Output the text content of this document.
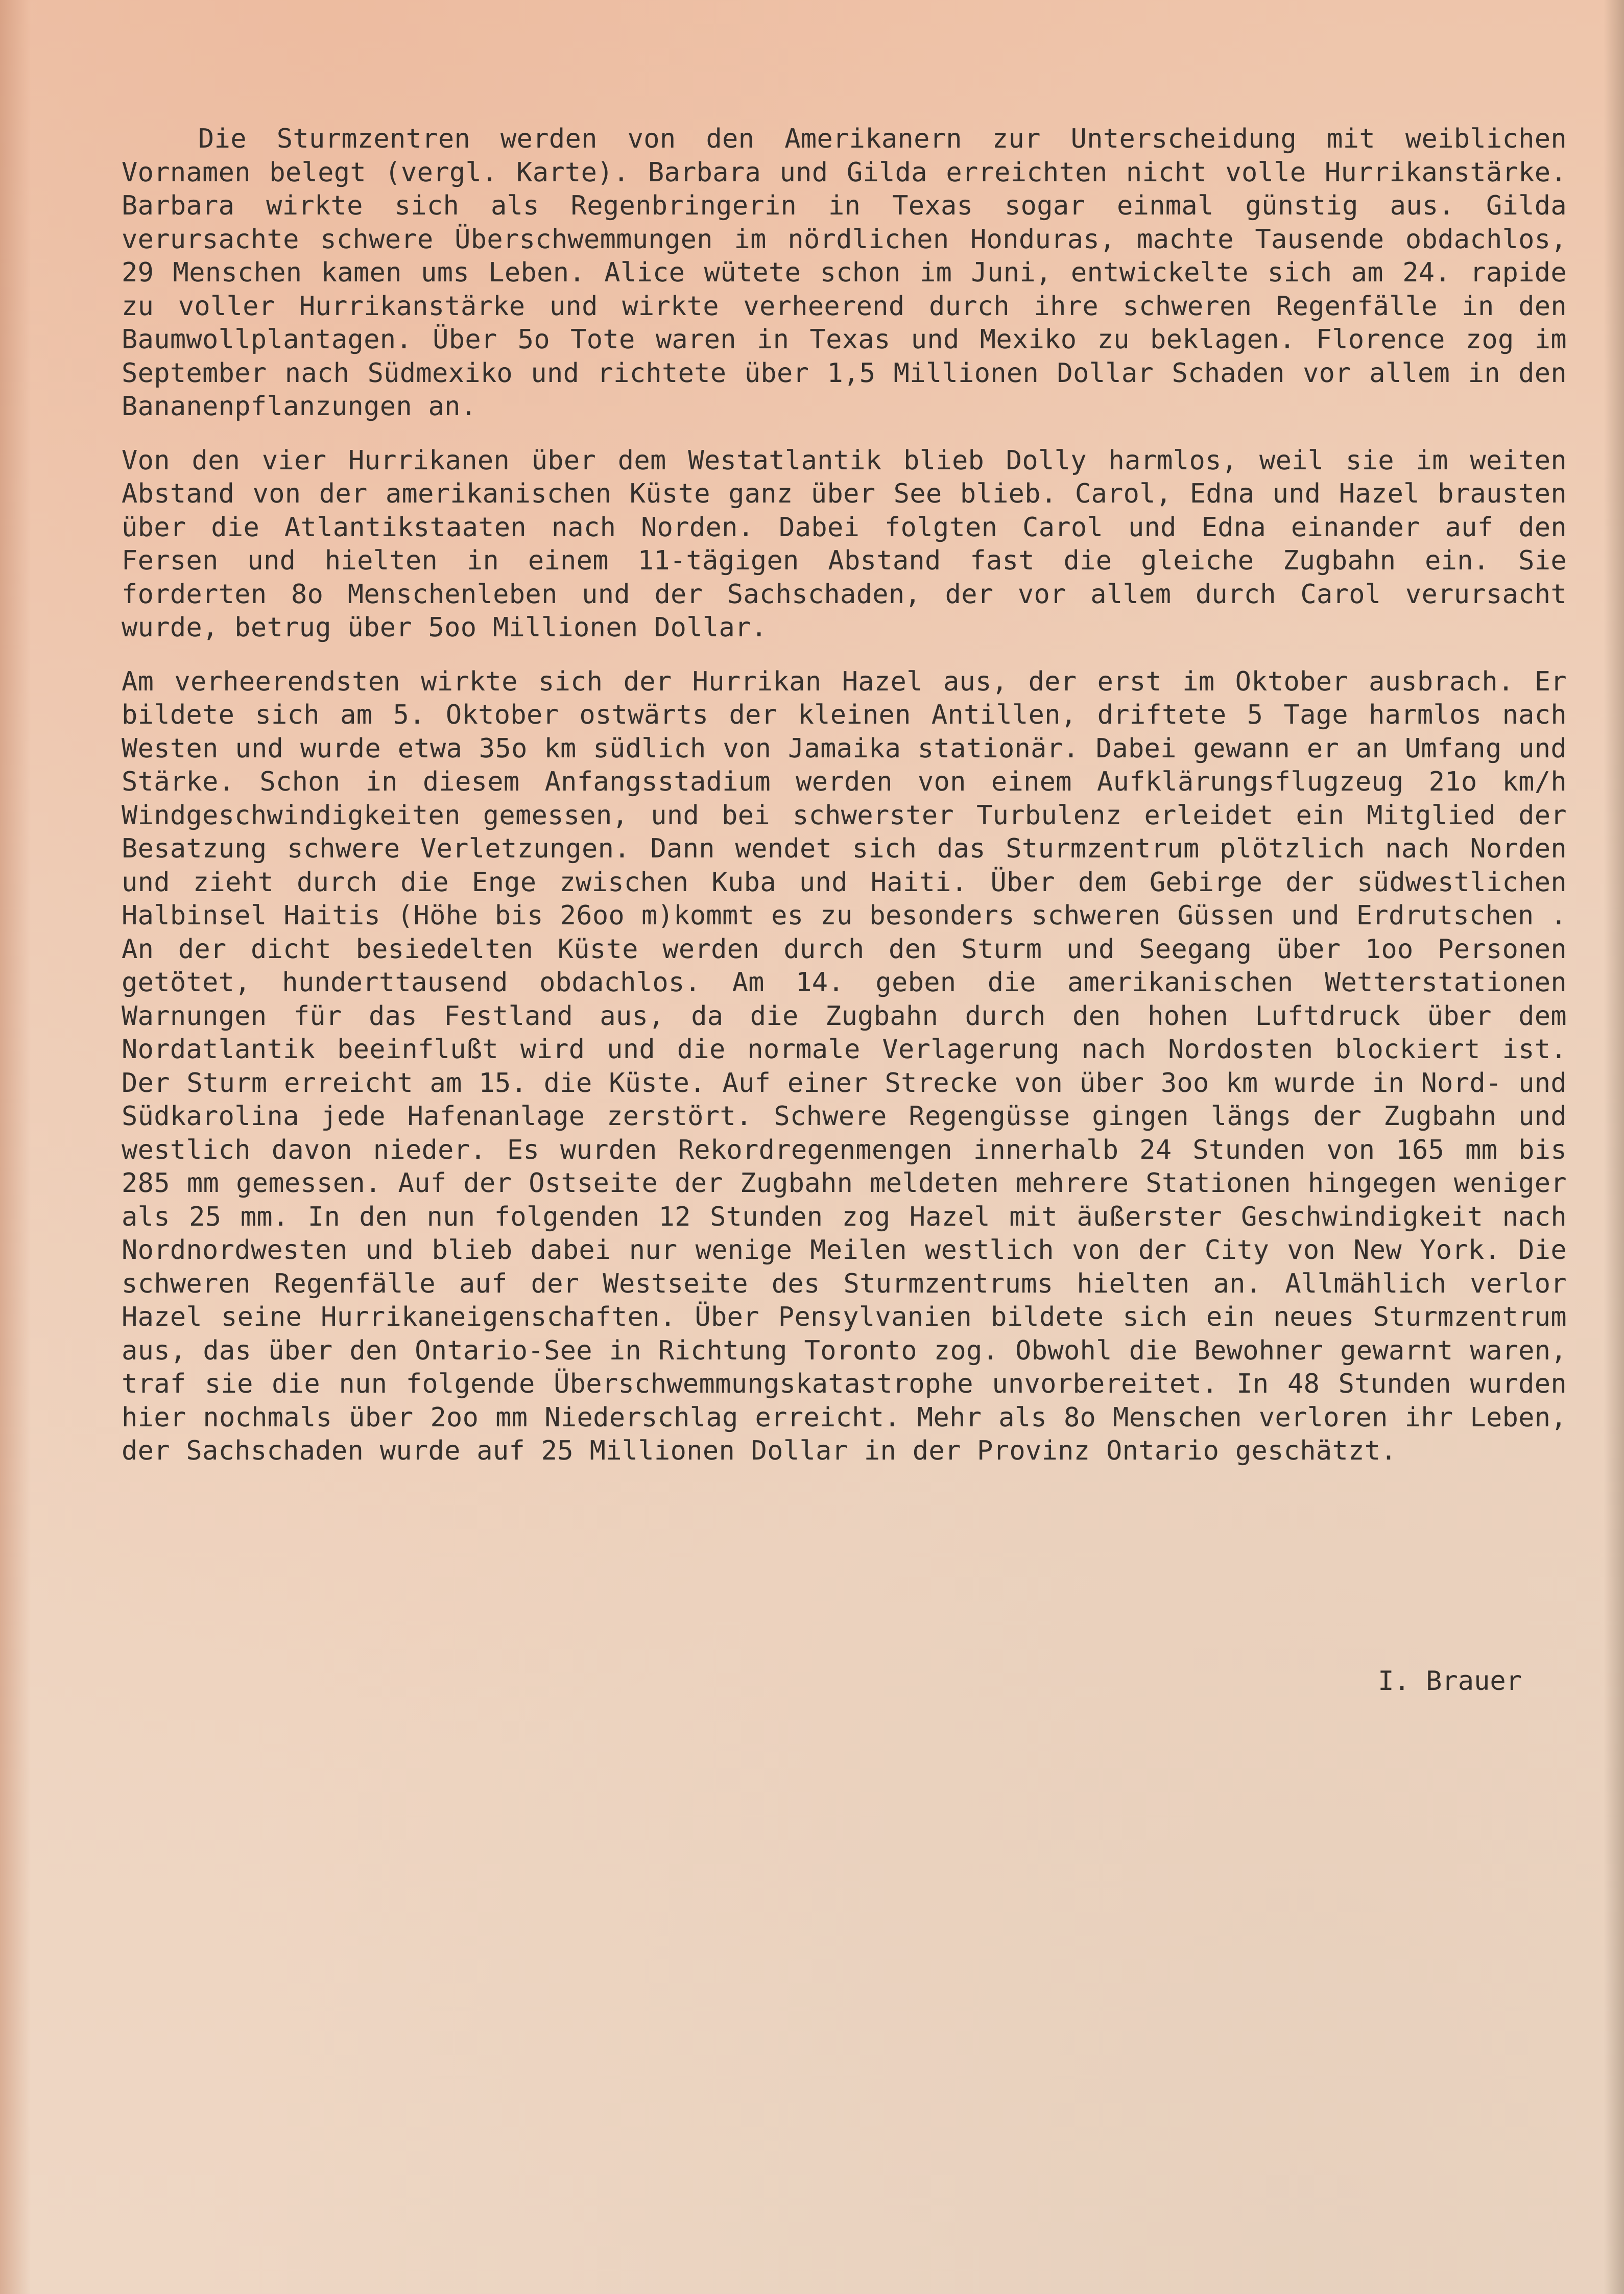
Die Sturmzentren werden von den Amerikanern zur Unterscheidung mit weiblichen Vornamen belegt (vergl. Karte). Barbara und Gilda erreichten nicht volle Hurrikanstärke. Barbara wirkte sich als Regenbringerin in Texas sogar einmal günstig aus. Gilda verursachte schwere Überschwemmungen im nördlichen Honduras, machte Tausende obdachlos, 29 Menschen kamen ums Leben. Alice wütete schon im Juni, entwickelte sich am 24. rapide zu voller Hurrikanstärke und wirkte verheerend durch ihre schweren Regenfälle in den Baumwollplantagen. Über 5o Tote waren in Texas und Mexiko zu beklagen. Florence zog im September nach Südmexiko und richtete über 1,5 Millionen Dollar Schaden vor allem in den Bananenpflanzungen an.

Von den vier Hurrikanen über dem Westatlantik blieb Dolly harmlos, weil sie im weiten Abstand von der amerikanischen Küste ganz über See blieb. Carol, Edna und Hazel brausten über die Atlantikstaaten nach Norden. Dabei folgten Carol und Edna einander auf den Fersen und hielten in einem 11-tägigen Abstand fast die gleiche Zugbahn ein. Sie forderten 8o Menschenleben und der Sachschaden, der vor allem durch Carol verursacht wurde, betrug über 5oo Millionen Dollar.

Am verheerendsten wirkte sich der Hurrikan Hazel aus, der erst im Oktober ausbrach. Er bildete sich am 5. Oktober ostwärts der kleinen Antillen, driftete 5 Tage harmlos nach Westen und wurde etwa 35o km südlich von Jamaika stationär. Dabei gewann er an Umfang und Stärke. Schon in diesem Anfangsstadium werden von einem Aufklärungsflugzeug 21o km/h Windgeschwindigkeiten gemessen, und bei schwerster Turbulenz erleidet ein Mitglied der Besatzung schwere Verletzungen. Dann wendet sich das Sturmzentrum plötzlich nach Norden und zieht durch die Enge zwischen Kuba und Haiti. Über dem Gebirge der südwestlichen Halbinsel Haitis (Höhe bis 26oo m)kommt es zu besonders schweren Güssen und Erdrutschen . An der dicht besiedelten Küste werden durch den Sturm und Seegang über 1oo Personen getötet, hunderttausend obdachlos. Am 14. geben die amerikanischen Wetterstationen Warnungen für das Festland aus, da die Zugbahn durch den hohen Luftdruck über dem Nordatlantik beeinflußt wird und die normale Verlagerung nach Nordosten blockiert ist. Der Sturm erreicht am 15. die Küste. Auf einer Strecke von über 3oo km wurde in Nord- und Südkarolina jede Hafenanlage zerstört. Schwere Regengüsse gingen längs der Zugbahn und westlich davon nieder. Es wurden Rekordregenmengen innerhalb 24 Stunden von 165 mm bis 285 mm gemessen. Auf der Ostseite der Zugbahn meldeten mehrere Stationen hingegen weniger als 25 mm. In den nun folgenden 12 Stunden zog Hazel mit äußerster Geschwindigkeit nach Nordnordwesten und blieb dabei nur wenige Meilen westlich von der City von New York. Die schweren Regenfälle auf der Westseite des Sturmzentrums hielten an. Allmählich verlor Hazel seine Hurrikaneigenschaften. Über Pensylvanien bildete sich ein neues Sturmzentrum aus, das über den Ontario-See in Richtung Toronto zog. Obwohl die Bewohner gewarnt waren, traf sie die nun folgende Überschwemmungskatastrophe unvorbereitet. In 48 Stunden wurden hier nochmals über 2oo mm Niederschlag erreicht. Mehr als 8o Menschen verloren ihr Leben, der Sachschaden wurde auf 25 Millionen Dollar in der Provinz Ontario geschätzt.

I. Brauer
